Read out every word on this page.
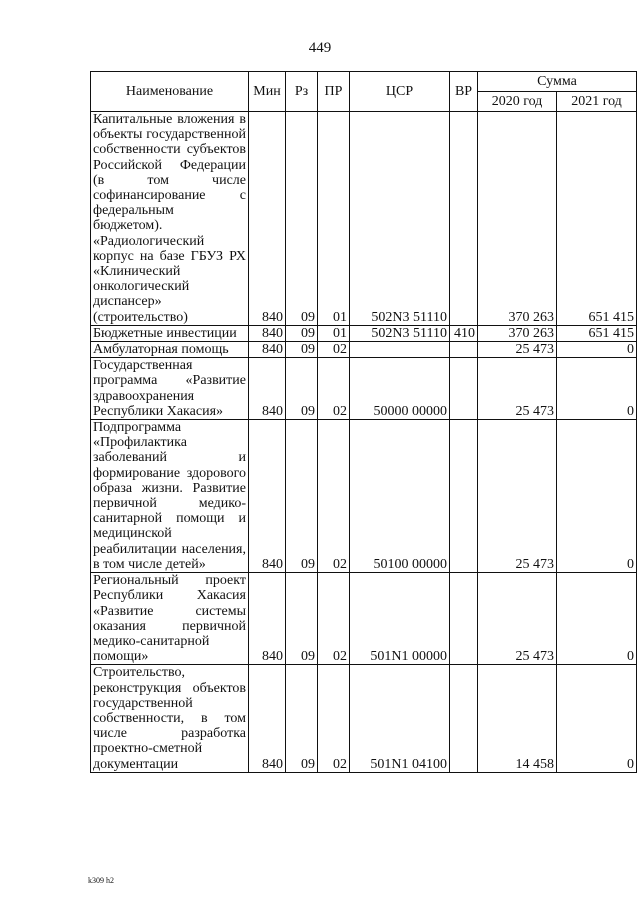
449
Наименование	Мин	Рз	ПР	ЦСР	ВР	Сумма	
						2020 год	2021 год
Капитальные вложения в объекты государственной собственности субъектов Российской Федерации (в том числе софинансирование с федеральным бюджетом). «Радиологический корпус на базе ГБУЗ РХ «Клинический онкологический диспансер» (строительство)	840	09	01	502N3 51110		370 263	651 415
Бюджетные инвестиции	840	09	01	502N3 51110	410	370 263	651 415
Амбулаторная помощь	840	09	02			25 473	0
Государственная программа «Развитие здравоохранения Республики Хакасия»	840	09	02	50000 00000		25 473	0
Подпрограмма «Профилактика заболеваний и формирование здорового образа жизни. Развитие первичной медико-санитарной помощи и медицинской реабилитации населения, в том числе детей»	840	09	02	50100 00000		25 473	0
Региональный проект Республики Хакасия «Развитие системы оказания первичной медико-санитарной помощи»	840	09	02	501N1 00000		25 473	0
Строительство, реконструкция объектов государственной собственности, в том числе разработка проектно-сметной документации	840	09	02	501N1 04100		14 458	0
k309 h2
